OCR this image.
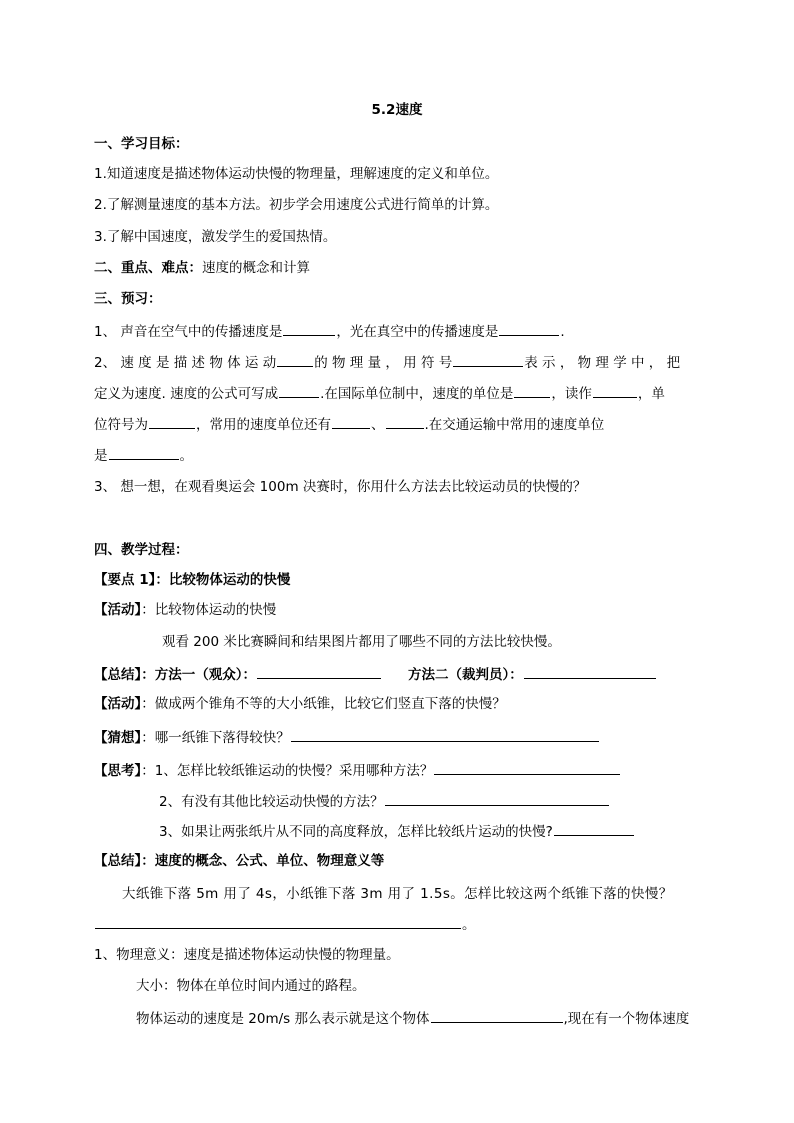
5.2速度
一、学习目标：
1.知道速度是描述物体运动快慢的物理量，理解速度的定义和单位。
2.了解测量速度的基本方法。初步学会用速度公式进行简单的计算。
3.了解中国速度，激发学生的爱国热情。
二、重点、难点：速度的概念和计算
三、预习：
1、 声音在空气中的传播速度是	，光在真空中的传播速度是	.
2、 速 度 是 描 述 物 体 运 动	的 物 理 量 ， 用 符 号	表 示 ， 物 理 学 中 ， 把
定义为速度. 速度的公式可写成	.在国际单位制中，速度的单位是	，读作	，单
位符号为	，常用的速度单位还有	、	.在交通运输中常用的速度单位
是	。
3、 想一想，在观看奥运会 100m 决赛时，你用什么方法去比较运动员的快慢的？
四、教学过程：
【要点 1】：比较物体运动的快慢
【活动】：比较物体运动的快慢
观看 200 米比赛瞬间和结果图片都用了哪些不同的方法比较快慢。
【总结】：方法一（观众）：	方法二（裁判员）：
【活动】：做成两个锥角不等的大小纸锥，比较它们竖直下落的快慢？
【猜想】：哪一纸锥下落得较快？
【思考】：1、怎样比较纸锥运动的快慢？采用哪种方法？
2、有没有其他比较运动快慢的方法？
3、如果让两张纸片从不同的高度释放，怎样比较纸片运动的快慢?
【总结】：速度的概念、公式、单位、物理意义等
大纸锥下落 5m 用了 4s，小纸锥下落 3m 用了 1.5s。怎样比较这两个纸锥下落的快慢？
。
1、物理意义：速度是描述物体运动快慢的物理量。
大小：物体在单位时间内通过的路程。
物体运动的速度是 20m/s 那么表示就是这个物体	,现在有一个物体速度
